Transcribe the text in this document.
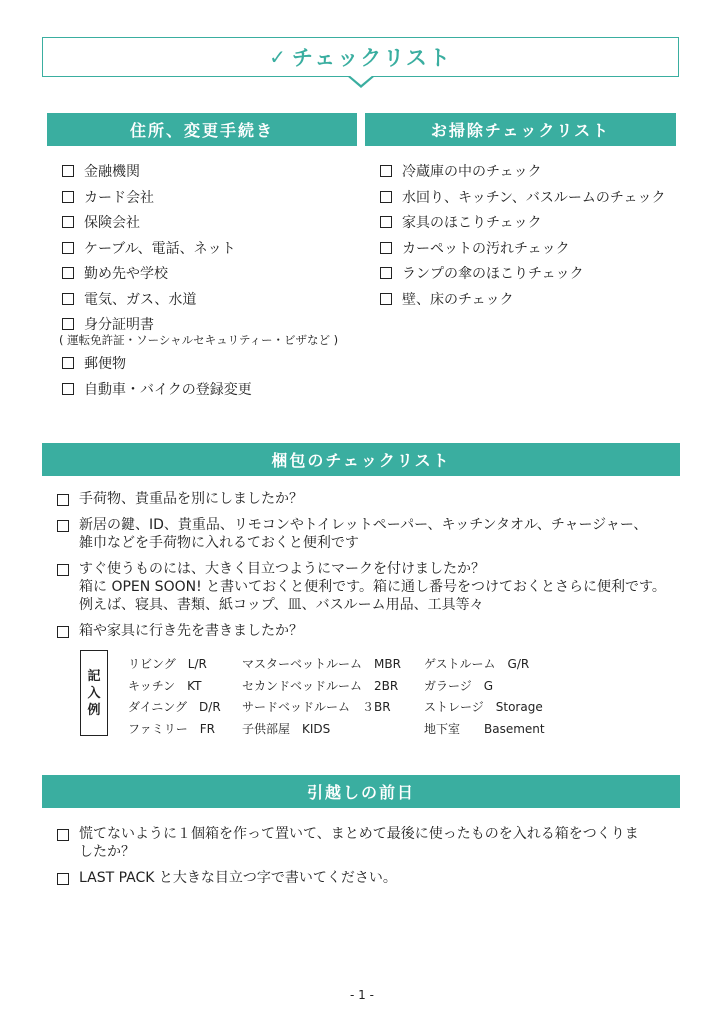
✓ チェックリスト
住所、変更手続き	お掃除チェックリスト
金融機関
カード会社
保険会社
ケーブル、電話、ネット
勤め先や学校
電気、ガス、水道
身分証明書
( 運転免許証・ソーシャルセキュリティー・ビザなど )
郵便物
自動車・バイクの登録変更
冷蔵庫の中のチェック
水回り、キッチン、バスルームのチェック
家具のほこりチェック
カーペットの汚れチェック
ランプの傘のほこりチェック
壁、床のチェック
梱包のチェックリスト
手荷物、貴重品を別にしましたか？
新居の鍵、ID、貴重品、リモコンやトイレットペーパー、キッチンタオル、チャージャー、
雑巾などを手荷物に入れるておくと便利です
すぐ使うものには、大きく目立つようにマークを付けましたか？
箱に OPEN SOON! と書いておくと便利です。箱に通し番号をつけておくとさらに便利です。
例えば、寝具、書類、紙コップ、皿、バスルーム用品、工具等々
箱や家具に行き先を書きましたか？
記
入
例
リビング　L/R
キッチン　KT
ダイニング　D/R
ファミリー　FR
マスターベットルーム　MBR
セカンドベッドルーム　2BR
サードベッドルーム　３BR
子供部屋　KIDS
ゲストルーム　G/R
ガラージ　G
ストレージ　Storage
地下室　　Basement
引越しの前日
慌てないように１個箱を作って置いて、まとめて最後に使ったものを入れる箱をつくりま
したか？
LAST PACK と大きな目立つ字で書いてください。
- 1 -
